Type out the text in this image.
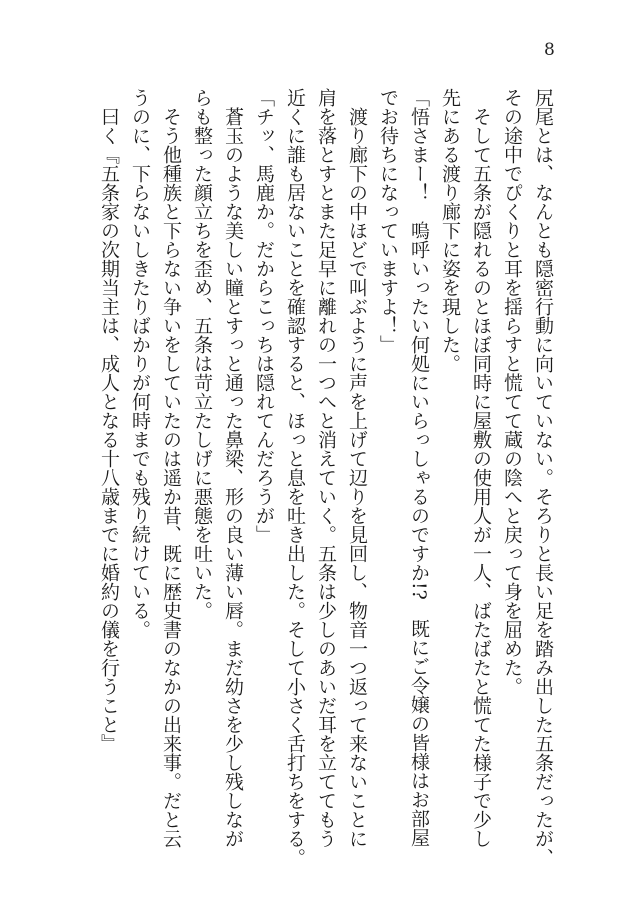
8
尻尾とは、なんとも隠密行動に向いていない。そろりと長い足を踏み出した五条だったが、
その途中でぴくりと耳を揺らすと慌てて蔵の陰へと戻って身を屈めた。
　そして五条が隠れるのとほぼ同時に屋敷の使用人が一人、ばたばたと慌てた様子で少し
先にある渡り廊下に姿を現した。
「悟さまー！　嗚呼いったい何処にいらっしゃるのですか!?　既にご令嬢の皆様はお部屋
でお待ちになっていますよ！」
　渡り廊下の中ほどで叫ぶように声を上げて辺りを見回し、物音一つ返って来ないことに
肩を落とすとまた足早に離れの一つへと消えていく。五条は少しのあいだ耳を立ててもう
近くに誰も居ないことを確認すると、ほっと息を吐き出した。そして小さく舌打ちをする。
「チッ、馬鹿か。だからこっちは隠れてんだろうが」
　蒼玉のような美しい瞳とすっと通った鼻梁、形の良い薄い唇。まだ幼さを少し残しなが
らも整った顔立ちを歪め、五条は苛立たしげに悪態を吐いた。
　そう他種族と下らない争いをしていたのは遥か昔、既に歴史書のなかの出来事。だと云
うのに、下らないしきたりばかりが何時までも残り続けている。
　曰く『五条家の次期当主は、成人となる十八歳までに婚約の儀を行うこと』
